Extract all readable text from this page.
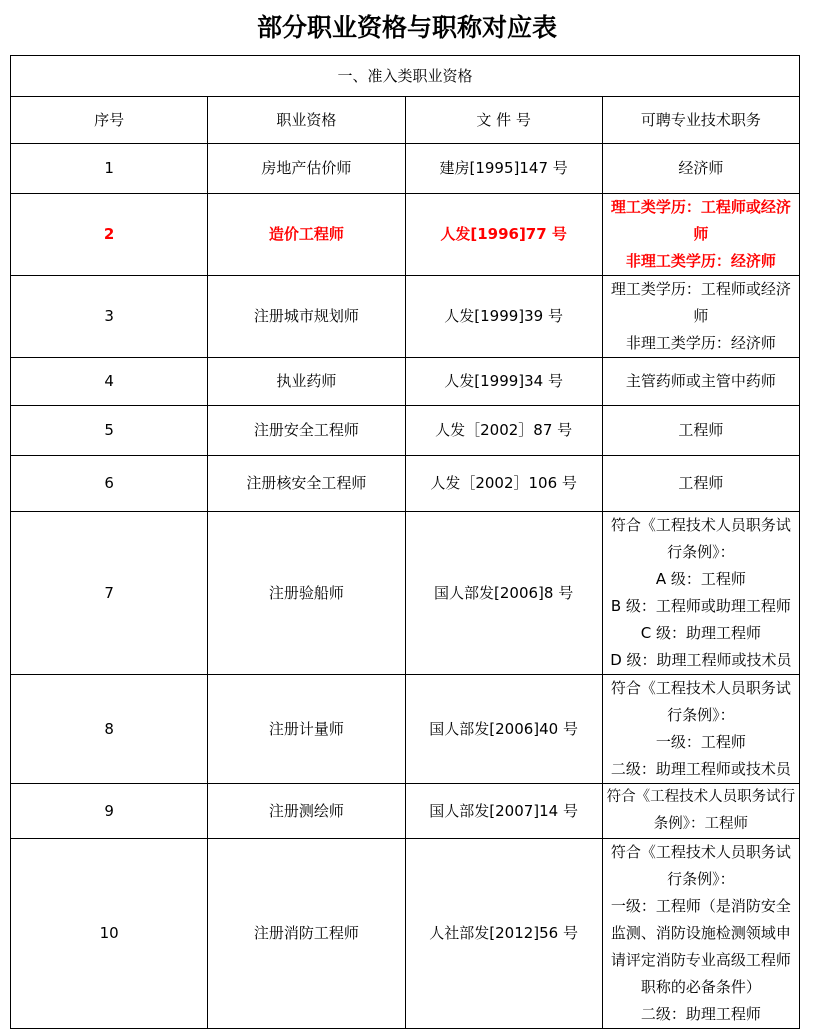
部分职业资格与职称对应表
一、准入类职业资格			
序号	职业资格	文 件 号	可聘专业技术职务
1	房地产估价师	建房[1995]147 号	经济师

2	造价工程师	人发[1996]77 号	理工类学历：工程师或经济师
非理工类学历：经济师

3	注册城市规划师	人发[1999]39 号	理工类学历：工程师或经济师
非理工类学历：经济师

4	执业药师	人发[1999]34 号	主管药师或主管中药师

5	注册安全工程师	人发［2002］87 号	工程师

6	注册核安全工程师	人发［2002］106 号	工程师

7	注册验船师	国人部发[2006]8 号	符合《工程技术人员职务试行条例》：
A 级：工程师
B 级：工程师或助理工程师
C 级：助理工程师
D 级：助理工程师或技术员

8	注册计量师	国人部发[2006]40 号	符合《工程技术人员职务试行条例》：
一级：工程师
二级：助理工程师或技术员

9	注册测绘师	国人部发[2007]14 号	符合《工程技术人员职务试行条例》：工程师

10	注册消防工程师	人社部发[2012]56 号	符合《工程技术人员职务试行条例》：
一级：工程师（是消防安全监测、消防设施检测领域申请评定消防专业高级工程师职称的必备条件）
二级：助理工程师
